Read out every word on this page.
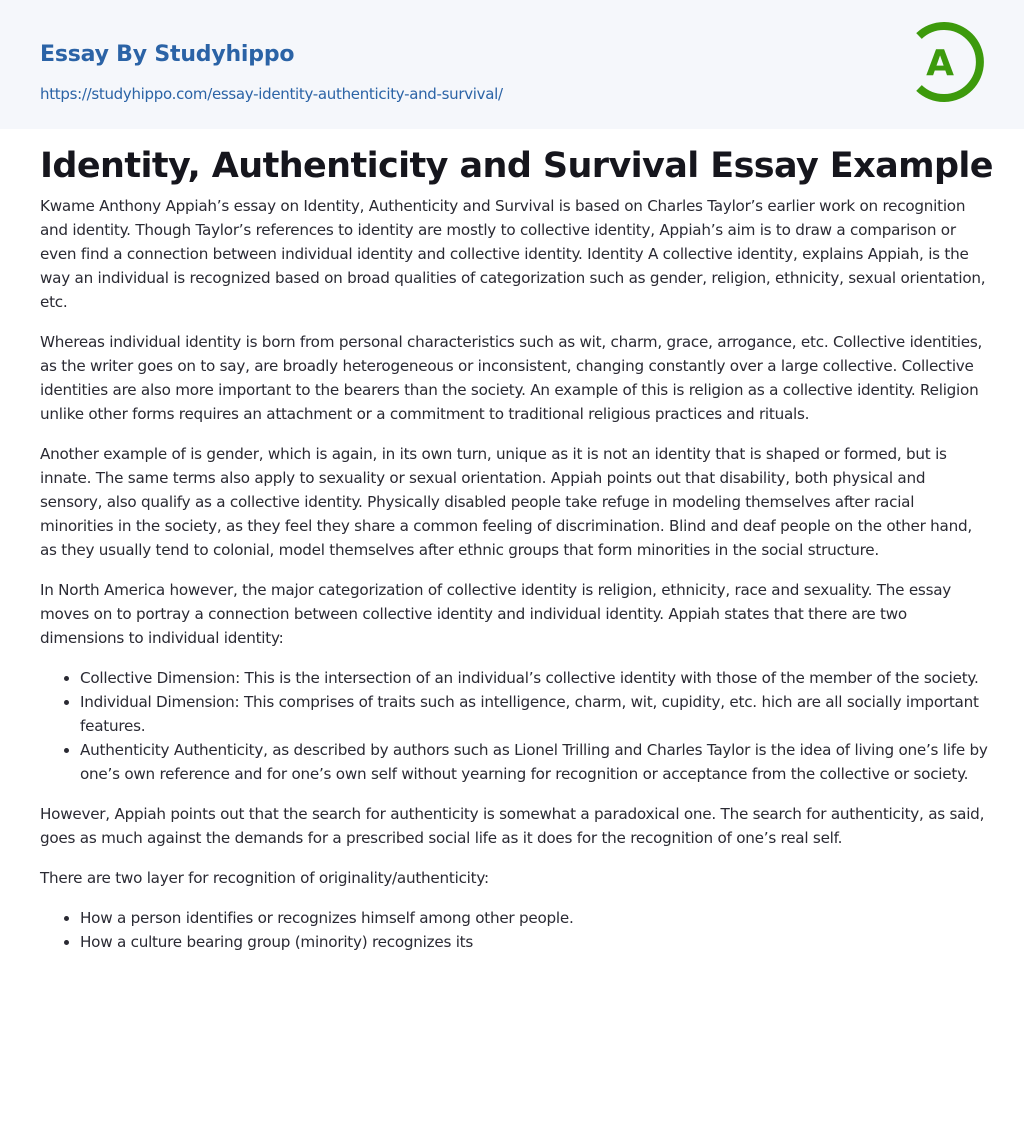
Essay By Studyhippo
https://studyhippo.com/essay-identity-authenticity-and-survival/
A
Identity, Authenticity and Survival Essay Example

Kwame Anthony Appiah’s essay on Identity, Authenticity and Survival is based on Charles Taylor’s earlier work on recognition and identity. Though Taylor’s references to identity are mostly to collective identity, Appiah’s aim is to draw a comparison or even find a connection between individual identity and collective identity. Identity A collective identity, explains Appiah, is the way an individual is recognized based on broad qualities of categorization such as gender, religion, ethnicity, sexual orientation, etc.

Whereas individual identity is born from personal characteristics such as wit, charm, grace, arrogance, etc. Collective identities, as the writer goes on to say, are broadly heterogeneous or inconsistent, changing constantly over a large collective. Collective identities are also more important to the bearers than the society. An example of this is religion as a collective identity. Religion unlike other forms requires an attachment or a commitment to traditional religious practices and rituals.

Another example of is gender, which is again, in its own turn, unique as it is not an identity that is shaped or formed, but is innate. The same terms also apply to sexuality or sexual orientation. Appiah points out that disability, both physical and sensory, also qualify as a collective identity. Physically disabled people take refuge in modeling themselves after racial minorities in the society, as they feel they share a common feeling of discrimination. Blind and deaf people on the other hand, as they usually tend to colonial, model themselves after ethnic groups that form minorities in the social structure.

In North America however, the major categorization of collective identity is religion, ethnicity, race and sexuality. The essay moves on to portray a connection between collective identity and individual identity. Appiah states that there are two dimensions to individual identity:

• Collective Dimension: This is the intersection of an individual’s collective identity with those of the member of the society.
• Individual Dimension: This comprises of traits such as intelligence, charm, wit, cupidity, etc. hich are all socially important features.
• Authenticity Authenticity, as described by authors such as Lionel Trilling and Charles Taylor is the idea of living one’s life by one’s own reference and for one’s own self without yearning for recognition or acceptance from the collective or society.

However, Appiah points out that the search for authenticity is somewhat a paradoxical one. The search for authenticity, as said, goes as much against the demands for a prescribed social life as it does for the recognition of one’s real self.

There are two layer for recognition of originality/authenticity:

• How a person identifies or recognizes himself among other people.
• How a culture bearing group (minority) recognizes its
